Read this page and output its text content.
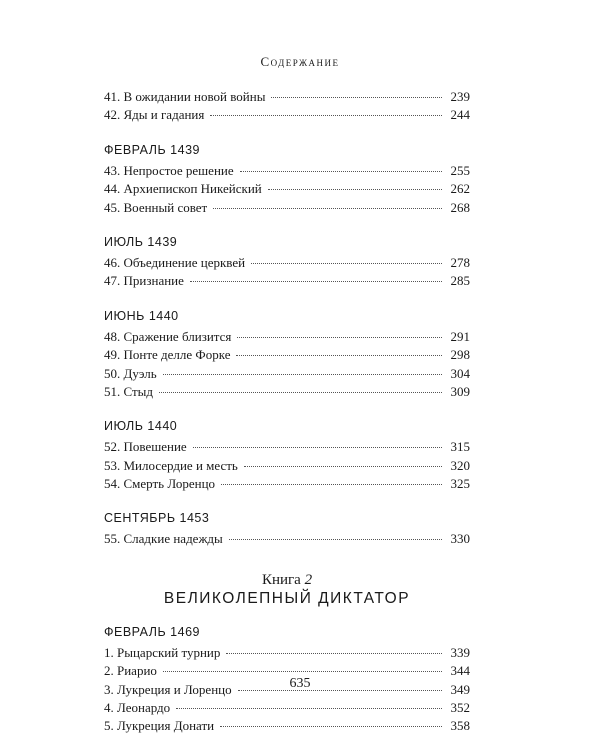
Содержание
41. В ожидании новой войны	239
42. Яды и гадания	244
ФЕВРАЛЬ 1439
43. Непростое решение	255
44. Архиепископ Никейский	262
45. Военный совет	268
ИЮЛЬ 1439
46. Объединение церквей	278
47. Признание	285
ИЮНЬ 1440
48. Сражение близится	291
49. Понте делле Форке	298
50. Дуэль	304
51. Стыд	309
ИЮЛЬ 1440
52. Повешение	315
53. Милосердие и месть	320
54. Смерть Лоренцо	325
СЕНТЯБРЬ 1453
55. Сладкие надежды	330
Книга 2
ВЕЛИКОЛЕПНЫЙ ДИКТАТОР
ФЕВРАЛЬ 1469
1. Рыцарский турнир	339
2. Риарио	344
3. Лукреция и Лоренцо	349
4. Леонардо	352
5. Лукреция Донати	358
635
